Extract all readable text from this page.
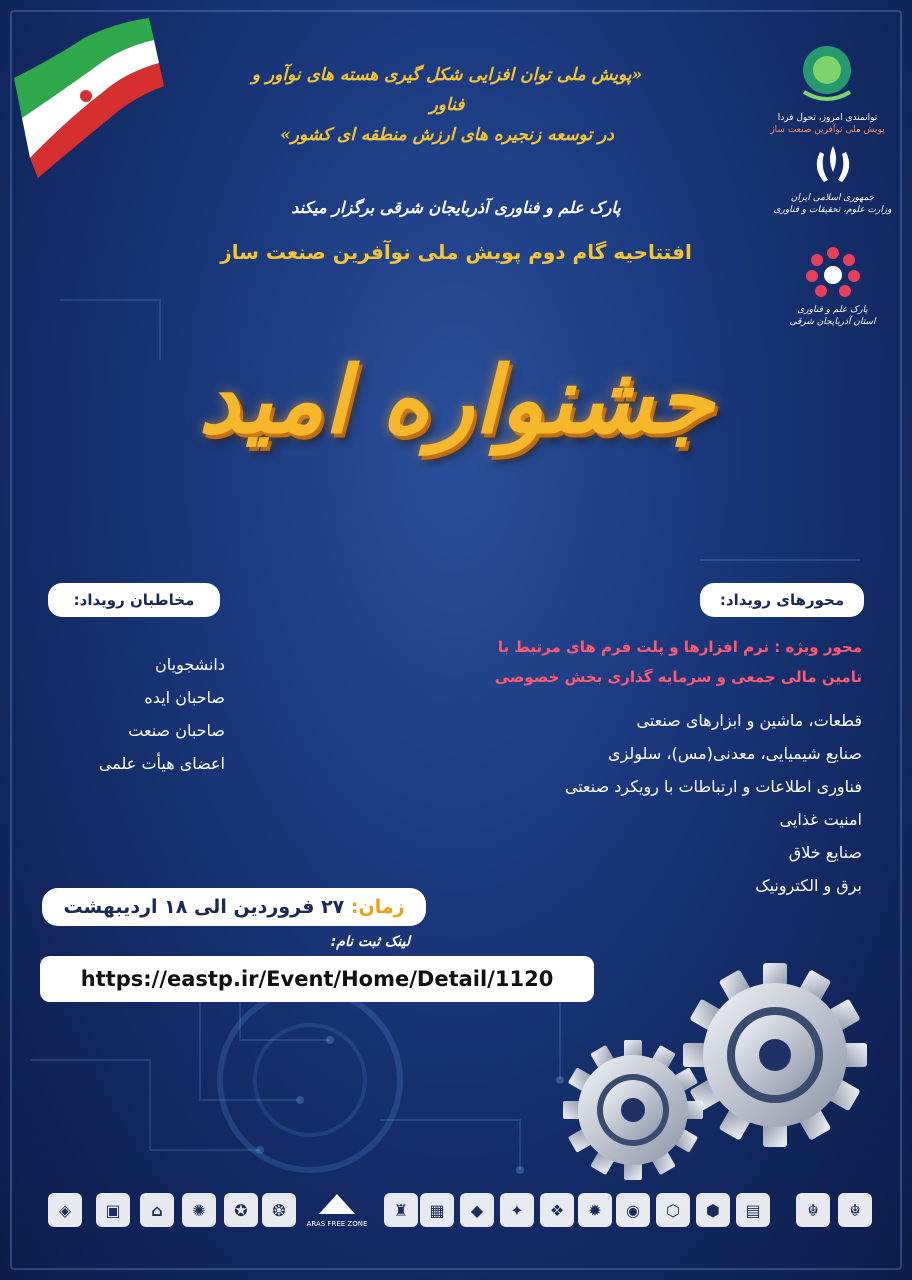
توانمندی امروز، تحول فردا
پویش ملی نوآفرین صنعت ساز
جمهوری اسلامی ایران
وزارت علوم، تحقیقات و فناوری
پارک علم و فناوری
استان آذربایجان شرقی
«پویش ملی توان افزایی شکل گیری هسته های نوآور و فناور
در توسعه زنجیره های ارزش منطقه ای کشور»
پارک علم و فناوری آذربایجان شرقی برگزار میکند
افتتاحیه گام دوم پویش ملی نوآفرین صنعت ساز
جشنواره امید
مخاطبان رویداد:
دانشجویان
صاحبان ایده
صاحبان صنعت
اعضای هیأت علمی
محورهای رویداد:
محور ویژه : نرم افزارها و پلت فرم های مرتبط با
تامین مالی جمعی و سرمایه گذاری بخش خصوصی
قطعات، ماشین و ابزارهای صنعتی
صنایع شیمیایی، معدنی(مس)، سلولزی
فناوری اطلاعات و ارتباطات با رویکرد صنعتی
امنیت غذایی
صنایع خلاق
برق و الکترونیک
زمان: ۲۷ فروردین الی ۱۸ اردیبهشت
لینک ثبت نام:
https://eastp.ir/Event/Home/Detail/1120
◈	▣	⌂	✺	✪	❂
ARAS FREE ZONE
♜	▦	◆	✦	❖	✹	◉	⬡	⬢	▤	☬	☬
